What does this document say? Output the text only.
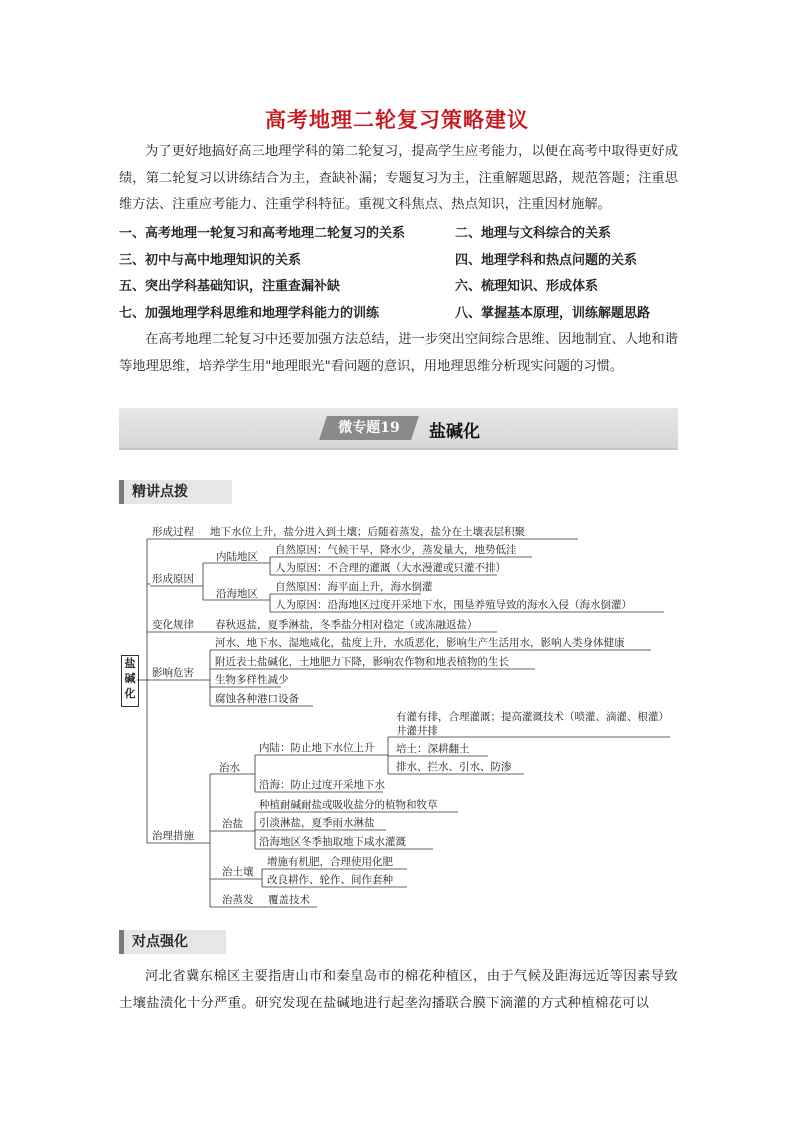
高考地理二轮复习策略建议

为了更好地搞好高三地理学科的第二轮复习，提高学生应考能力，以便在高考中取得更好成绩，第二轮复习以讲练结合为主，查缺补漏；专题复习为主，注重解题思路，规范答题；注重思维方法、注重应考能力、注重学科特征。重视文科焦点、热点知识，注重因材施解。

一、高考地理一轮复习和高考地理二轮复习的关系	二、地理与文科综合的关系
三、初中与高中地理知识的关系	四、地理学科和热点问题的关系
五、突出学科基础知识，注重查漏补缺	六、梳理知识、形成体系
七、加强地理学科思维和地理学科能力的训练	八、掌握基本原理，训练解题思路

在高考地理二轮复习中还要加强方法总结，进一步突出空间综合思维、因地制宜、人地和谐等地理思维，培养学生用"地理眼光"看问题的意识，用地理思维分析现实问题的习惯。

微专题19	盐碱化
精讲点拨
盐碱化
形成过程 地下水位上升，盐分进入到土壤；后随着蒸发，盐分在土壤表层积聚
形成原因
内陆地区
自然原因：气候干旱，降水少，蒸发量大，地势低洼
人为原因：不合理的灌溉（大水漫灌或只灌不排）
沿海地区
自然原因：海平面上升，海水倒灌
人为原因：沿海地区过度开采地下水，围垦养殖导致的海水入侵（海水倒灌）
变化规律 春秋返盐，夏季淋盐，冬季盐分相对稳定（或冻融返盐）
影响危害
河水、地下水、湿地咸化，盐度上升，水质恶化，影响生产生活用水，影响人类身体健康
附近表土盐碱化，土地肥力下降，影响农作物和地表植物的生长
生物多样性减少
腐蚀各种港口设备
治理措施
治水
内陆：防止地下水位上升
有灌有排，合理灌溉；提高灌溉技术（喷灌、滴灌、根灌）
井灌井排
培土：深耕翻土
排水、拦水、引水、防渗
沿海：防止过度开采地下水
治盐
种植耐碱耐盐或吸收盐分的植物和牧草
引淡淋盐，夏季雨水淋盐
沿海地区冬季抽取地下咸水灌溉
治土壤
增施有机肥，合理使用化肥
改良耕作、轮作、间作套种
治蒸发 覆盖技术
对点强化

河北省冀东棉区主要指唐山市和秦皇岛市的棉花种植区，由于气候及距海远近等因素导致土壤盐渍化十分严重。研究发现在盐碱地进行起垄沟播联合膜下滴灌的方式种植棉花可以
